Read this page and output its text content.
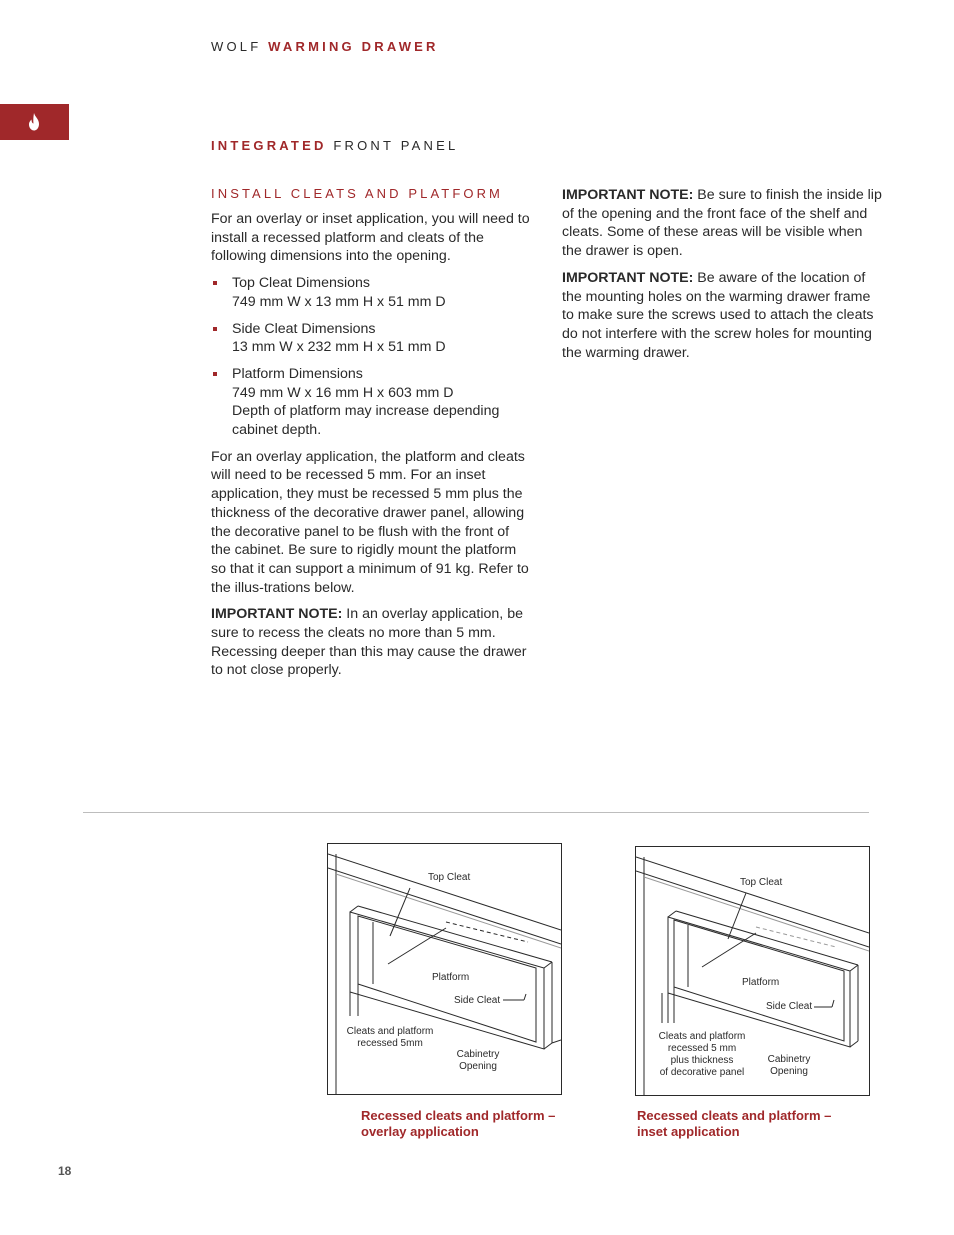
WOLF WARMING DRAWER
INTEGRATED FRONT PANEL
INSTALL CLEATS AND PLATFORM

For an overlay or inset application, you will need to install a recessed platform and cleats of the following dimensions into the opening.

Top Cleat Dimensions
749 mm W x 13 mm H x 51 mm D
Side Cleat Dimensions
13 mm W x 232 mm H x 51 mm D
Platform Dimensions
749 mm W x 16 mm H x 603 mm D
Depth of platform may increase depending cabinet depth.

For an overlay application, the platform and cleats will need to be recessed 5 mm. For an inset application, they must be recessed 5 mm plus the thickness of the decorative drawer panel, allowing the decorative panel to be flush with the front of the cabinet. Be sure to rigidly mount the platform so that it can support a minimum of 91 kg. Refer to the illus-trations below.

IMPORTANT NOTE: In an overlay application, be sure to recess the cleats no more than 5 mm. Recessing deeper than this may cause the drawer to not close properly.

IMPORTANT NOTE: Be sure to finish the inside lip of the opening and the front face of the shelf and cleats. Some of these areas will be visible when the drawer is open.

IMPORTANT NOTE: Be aware of the location of the mounting holes on the warming drawer frame to make sure the screws used to attach the cleats do not interfere with the screw holes for mounting the warming drawer.

Top Cleat
Platform
Side Cleat
Cleats and platform
recessed 5mm
Cabinetry
Opening
Top Cleat
Platform
Side Cleat
Cleats and platform
recessed 5 mm
plus thickness
of decorative panel
Cabinetry
Opening
Recessed cleats and platform –
overlay application
Recessed cleats and platform –
inset application
18
